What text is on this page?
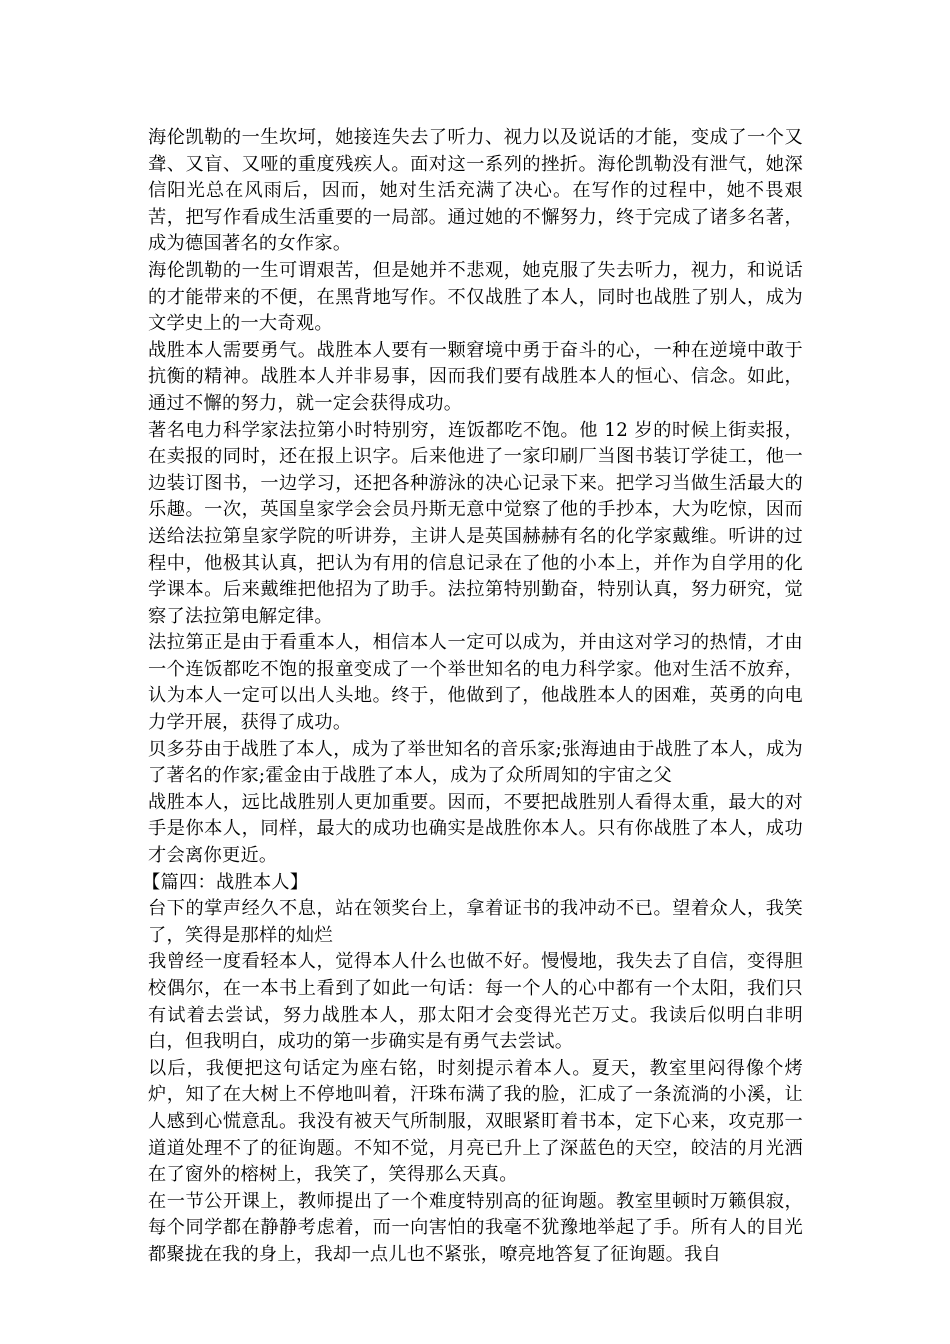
海伦凯勒的一生坎坷，她接连失去了听力、视力以及说话的才能，变成了一个又聋、又盲、又哑的重度残疾人。面对这一系列的挫折。海伦凯勒没有泄气，她深信阳光总在风雨后，因而，她对生活充满了决心。在写作的过程中，她不畏艰苦，把写作看成生活重要的一局部。通过她的不懈努力，终于完成了诸多名著，成为德国著名的女作家。

海伦凯勒的一生可谓艰苦，但是她并不悲观，她克服了失去听力，视力，和说话的才能带来的不便，在黑背地写作。不仅战胜了本人，同时也战胜了别人，成为文学史上的一大奇观。

战胜本人需要勇气。战胜本人要有一颗窘境中勇于奋斗的心，一种在逆境中敢于抗衡的精神。战胜本人并非易事，因而我们要有战胜本人的恒心、信念。如此，通过不懈的努力，就一定会获得成功。

著名电力科学家法拉第小时特别穷，连饭都吃不饱。他 12 岁的时候上街卖报，在卖报的同时，还在报上识字。后来他进了一家印刷厂当图书装订学徒工，他一边装订图书，一边学习，还把各种游泳的决心记录下来。把学习当做生活最大的乐趣。一次，英国皇家学会会员丹斯无意中觉察了他的手抄本，大为吃惊，因而送给法拉第皇家学院的听讲券，主讲人是英国赫赫有名的化学家戴维。听讲的过程中，他极其认真，把认为有用的信息记录在了他的小本上，并作为自学用的化学课本。后来戴维把他招为了助手。法拉第特别勤奋，特别认真，努力研究，觉察了法拉第电解定律。

法拉第正是由于看重本人，相信本人一定可以成为，并由这对学习的热情，才由一个连饭都吃不饱的报童变成了一个举世知名的电力科学家。他对生活不放弃，认为本人一定可以出人头地。终于，他做到了，他战胜本人的困难，英勇的向电力学开展，获得了成功。

贝多芬由于战胜了本人，成为了举世知名的音乐家;张海迪由于战胜了本人，成为了著名的作家;霍金由于战胜了本人，成为了众所周知的宇宙之父

战胜本人，远比战胜别人更加重要。因而，不要把战胜别人看得太重，最大的对手是你本人，同样，最大的成功也确实是战胜你本人。只有你战胜了本人，成功才会离你更近。

【篇四：战胜本人】

台下的掌声经久不息，站在领奖台上，拿着证书的我冲动不已。望着众人，我笑了，笑得是那样的灿烂

我曾经一度看轻本人，觉得本人什么也做不好。慢慢地，我失去了自信，变得胆校偶尔，在一本书上看到了如此一句话：每一个人的心中都有一个太阳，我们只有试着去尝试，努力战胜本人，那太阳才会变得光芒万丈。我读后似明白非明白，但我明白，成功的第一步确实是有勇气去尝试。

以后，我便把这句话定为座右铭，时刻提示着本人。夏天，教室里闷得像个烤炉，知了在大树上不停地叫着，汗珠布满了我的脸，汇成了一条流淌的小溪，让人感到心慌意乱。我没有被天气所制服，双眼紧盯着书本，定下心来，攻克那一道道处理不了的征询题。不知不觉，月亮已升上了深蓝色的天空，皎洁的月光洒在了窗外的榕树上，我笑了，笑得那么天真。

在一节公开课上，教师提出了一个难度特别高的征询题。教室里顿时万籁俱寂，每个同学都在静静考虑着，而一向害怕的我毫不犹豫地举起了手。所有人的目光都聚拢在我的身上，我却一点儿也不紧张，嘹亮地答复了征询题。我自
